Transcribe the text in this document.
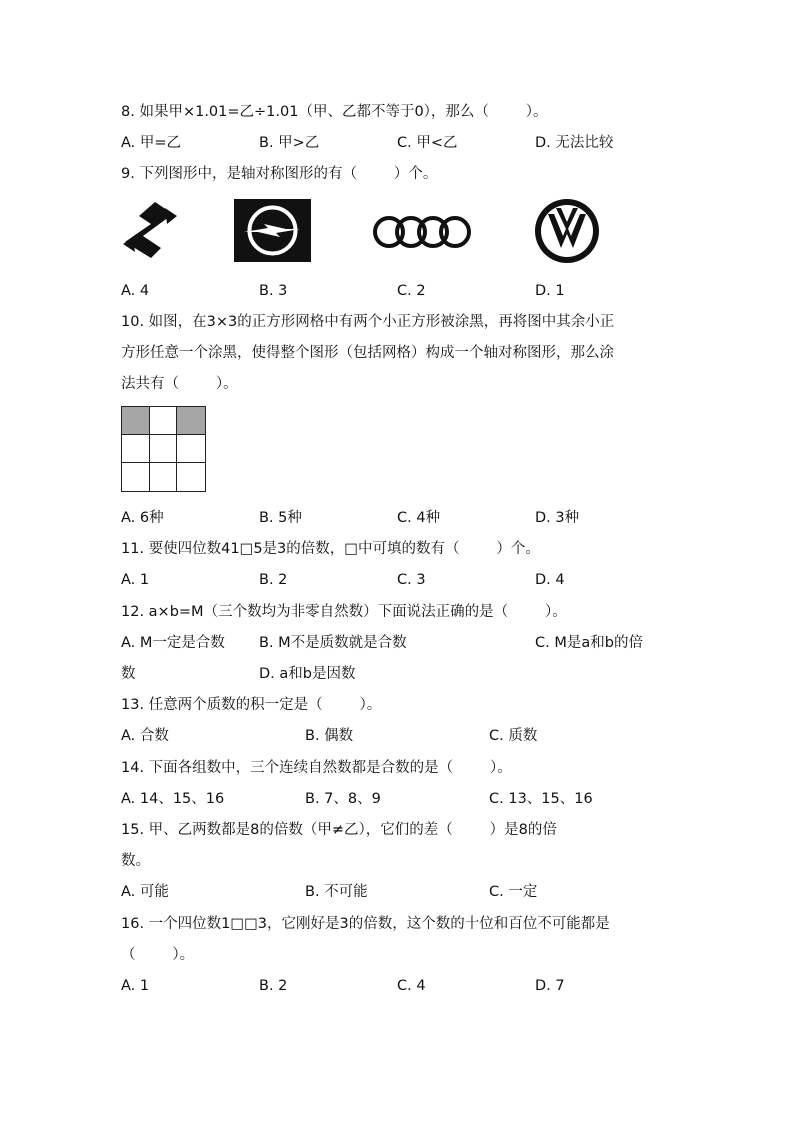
8. 如果甲×1.01=乙÷1.01（甲、乙都不等于0），那么（        ）。
A. 甲=乙	B. 甲>乙	C. 甲<乙	D. 无法比较
9. 下列图形中，是轴对称图形的有（        ）个。
A. 4	B. 3	C. 2	D. 1
10. 如图，在3×3的正方形网格中有两个小正方形被涂黑，再将图中其余小正
方形任意一个涂黑，使得整个图形（包括网格）构成一个轴对称图形，那么涂
法共有（        ）。
A. 6种	B. 5种	C. 4种	D. 3种
11. 要使四位数41□5是3的倍数，□中可填的数有（        ）个。
A. 1	B. 2	C. 3	D. 4
12. a×b=M（三个数均为非零自然数）下面说法正确的是（        ）。
A. M一定是合数 B. M不是质数就是合数	C. M是a和b的倍
数	D. a和b是因数
13. 任意两个质数的积一定是（        ）。
A. 合数	B. 偶数	C. 质数
14. 下面各组数中，三个连续自然数都是合数的是（        ）。
A. 14、15、16	B. 7、8、9	C. 13、15、16
15. 甲、乙两数都是8的倍数（甲≠乙），它们的差（        ）是8的倍
数。
A. 可能	B. 不可能	C. 一定
16. 一个四位数1□□3，它刚好是3的倍数，这个数的十位和百位不可能都是
（        ）。
A. 1	B. 2	C. 4	D. 7
